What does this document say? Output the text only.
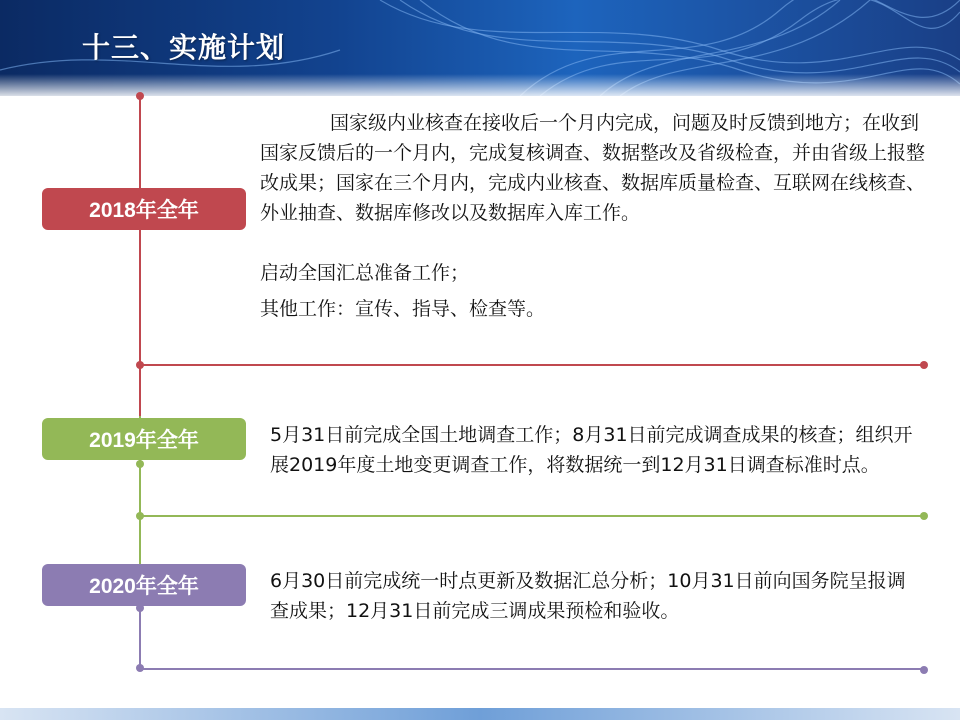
十三、实施计划
2018年全年
2019年全年
2020年全年

国家级内业核查在接收后一个月内完成，问题及时反馈到地方；在收到国家反馈后的一个月内，完成复核调查、数据整改及省级检查，并由省级上报整改成果；国家在三个月内，完成内业核查、数据库质量检查、互联网在线核查、外业抽查、数据库修改以及数据库入库工作。

启动全国汇总准备工作；

其他工作：宣传、指导、检查等。

5月31日前完成全国土地调查工作；8月31日前完成调查成果的核查；组织开展2019年度土地变更调查工作，将数据统一到12月31日调查标准时点。

6月30日前完成统一时点更新及数据汇总分析；10月31日前向国务院呈报调查成果；12月31日前完成三调成果预检和验收。
